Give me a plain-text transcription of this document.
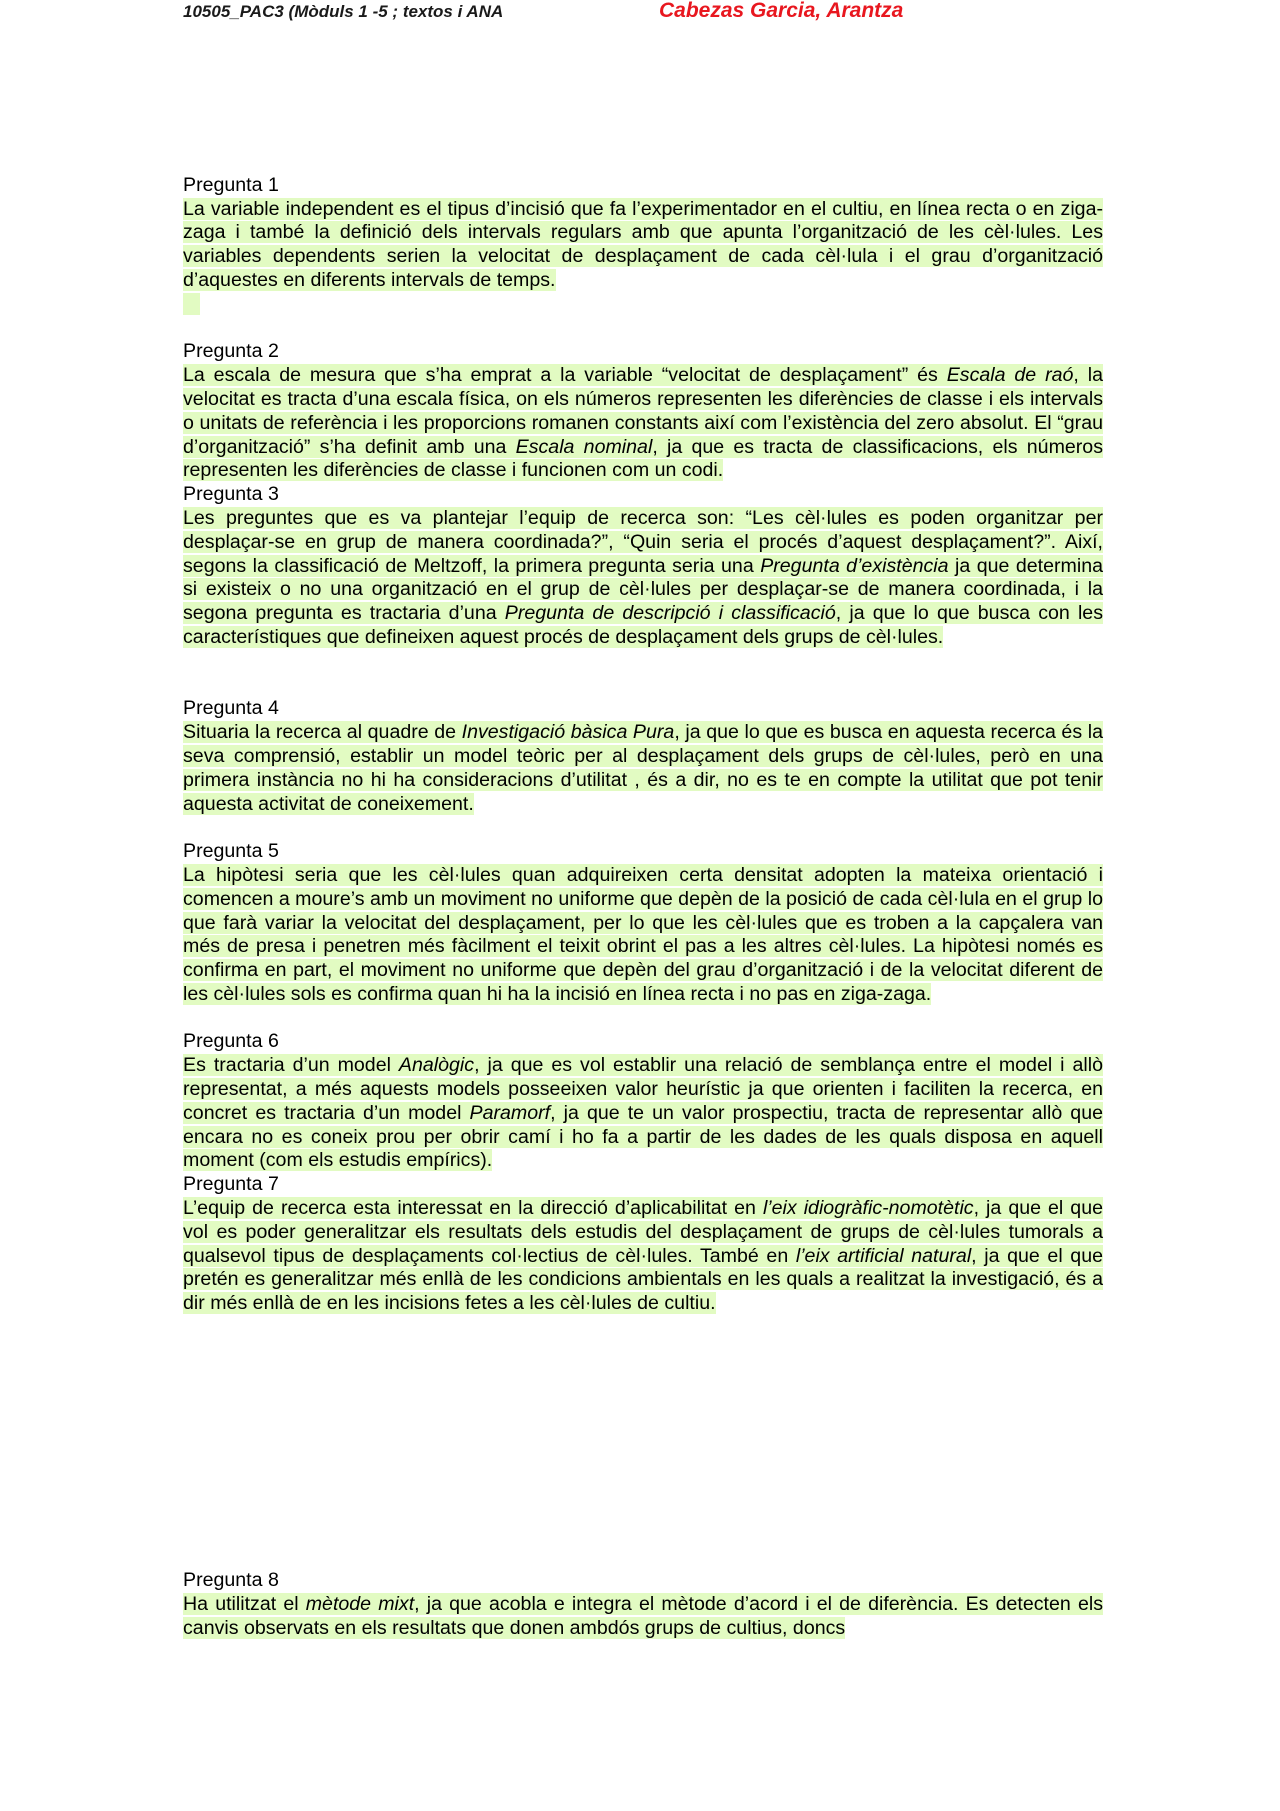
10505_PAC3 (Mòduls 1 -5 ; textos i ANA	Cabezas Garcia, Arantza
Pregunta 1

La variable independent es el tipus d’incisió que fa l’experimentador en el cultiu, en línea recta o en ziga-zaga i també la definició dels intervals regulars amb que apunta l’organització de les cèl·lules. Les variables dependents serien la velocitat de desplaçament de cada cèl·lula i el grau d’organització d’aquestes en diferents intervals de temps.

Pregunta 2

La escala de mesura que s’ha emprat a la variable “velocitat de desplaçament” és Escala de raó, la velocitat es tracta d’una escala física, on els números representen les diferències de classe i els intervals o unitats de referència i les proporcions romanen constants així com l’existència del zero absolut. El “grau d’organització” s’ha definit amb una Escala nominal, ja que es tracta de classificacions, els números representen les diferències de classe i funcionen com un codi.

Pregunta 3

Les preguntes que es va plantejar l’equip de recerca son: “Les cèl·lules es poden organitzar per desplaçar-se en grup de manera coordinada?”, “Quin seria el procés d’aquest desplaçament?”. Així, segons la classificació de Meltzoff, la primera pregunta seria una Pregunta d’existència ja que determina si existeix o no una organització en el grup de cèl·lules per desplaçar-se de manera coordinada, i la segona pregunta es tractaria d’una Pregunta de descripció i classificació, ja que lo que busca con les característiques que defineixen aquest procés de desplaçament dels grups de cèl·lules.

Pregunta 4

Situaria la recerca al quadre de Investigació bàsica Pura, ja que lo que es busca en aquesta recerca és la seva comprensió, establir un model teòric per al desplaçament dels grups de cèl·lules, però en una primera instància no hi ha consideracions d’utilitat , és a dir, no es te en compte la utilitat que pot tenir aquesta activitat de coneixement.

Pregunta 5

La hipòtesi seria que les cèl·lules quan adquireixen certa densitat adopten la mateixa orientació i comencen a moure’s amb un moviment no uniforme que depèn de la posició de cada cèl·lula en el grup lo que farà variar la velocitat del desplaçament, per lo que les cèl·lules que es troben a la capçalera van més de presa i penetren més fàcilment el teixit obrint el pas a les altres cèl·lules. La hipòtesi només es confirma en part, el moviment no uniforme que depèn del grau d’organització i de la velocitat diferent de les cèl·lules sols es confirma quan hi ha la incisió en línea recta i no pas en ziga-zaga.

Pregunta 6

Es tractaria d’un model Analògic, ja que es vol establir una relació de semblança entre el model i allò representat, a més aquests models posseeixen valor heurístic ja que orienten i faciliten la recerca, en concret es tractaria d’un model Paramorf, ja que te un valor prospectiu, tracta de representar allò que encara no es coneix prou per obrir camí i ho fa a partir de les dades de les quals disposa en aquell moment (com els estudis empírics).

Pregunta 7

L’equip de recerca esta interessat en la direcció d’aplicabilitat en l’eix idiogràfic-nomotètic, ja que el que vol es poder generalitzar els resultats dels estudis del desplaçament de grups de cèl·lules tumorals a qualsevol tipus de desplaçaments col·lectius de cèl·lules. També en l’eix artificial natural, ja que el que pretén es generalitzar més enllà de les condicions ambientals en les quals a realitzat la investigació, és a dir més enllà de en les incisions fetes a les cèl·lules de cultiu.

Pregunta 8

Ha utilitzat el mètode mixt, ja que acobla e integra el mètode d’acord i el de diferència. Es detecten els canvis observats en els resultats que donen ambdós grups de cultius, doncs
